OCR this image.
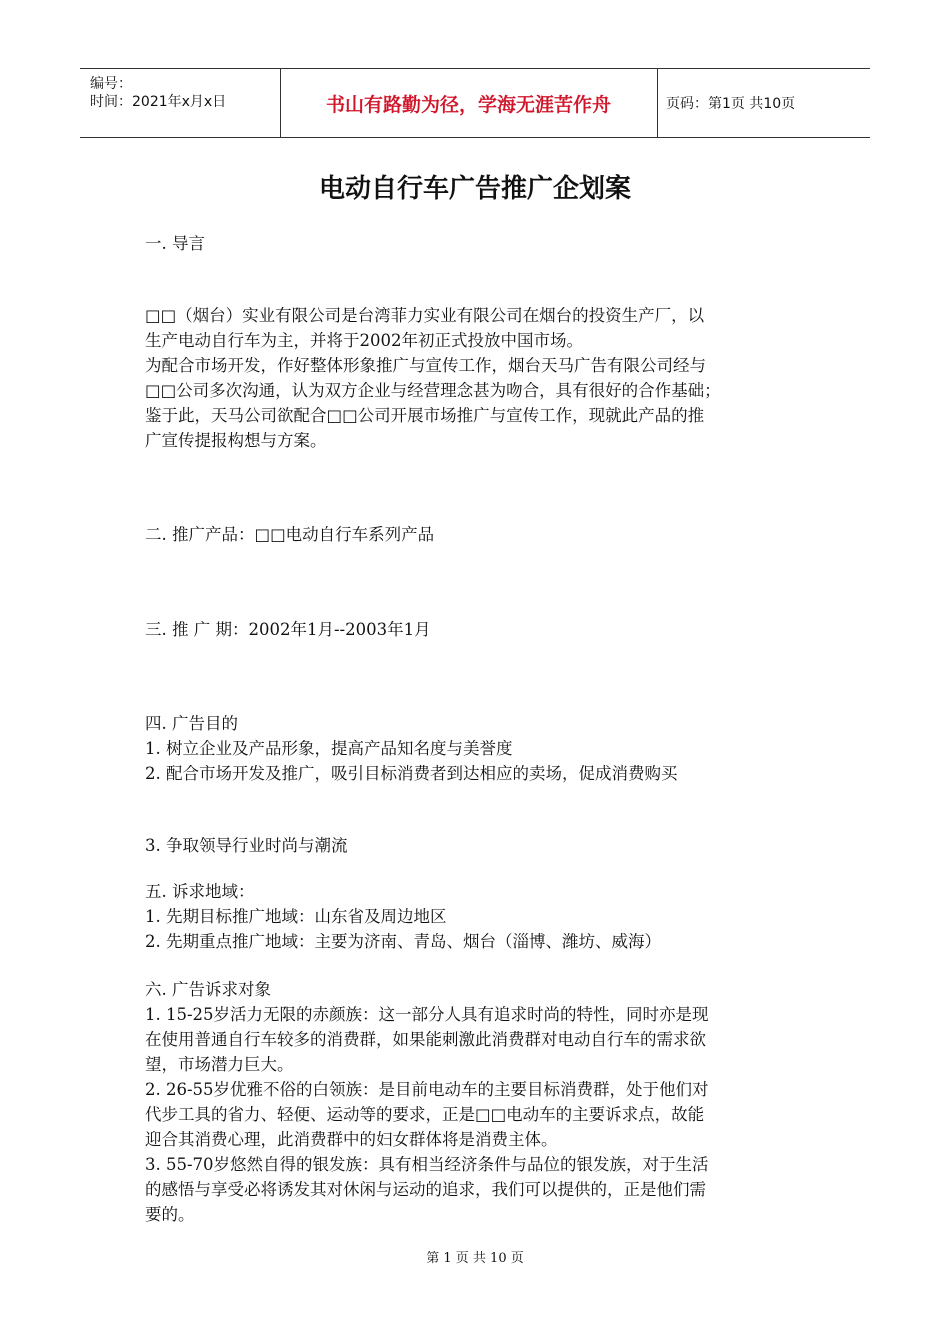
编号：
时间：2021年x月x日	书山有路勤为径，学海无涯苦作舟	页码：第1页 共10页
电动自行车广告推广企划案
一. 导言
□□（烟台）实业有限公司是台湾菲力实业有限公司在烟台的投资生产厂，以
生产电动自行车为主，并将于2002年初正式投放中国市场。
为配合市场开发，作好整体形象推广与宣传工作，烟台天马广告有限公司经与
□□公司多次沟通，认为双方企业与经营理念甚为吻合，具有很好的合作基础；
鉴于此，天马公司欲配合□□公司开展市场推广与宣传工作，现就此产品的推
广宣传提报构想与方案。
二. 推广产品：□□电动自行车系列产品
三. 推 广 期：2002年1月--2003年1月
四. 广告目的
1. 树立企业及产品形象，提高产品知名度与美誉度
2. 配合市场开发及推广，吸引目标消费者到达相应的卖场，促成消费购买
3. 争取领导行业时尚与潮流
五. 诉求地域：
1. 先期目标推广地域：山东省及周边地区
2. 先期重点推广地域：主要为济南、青岛、烟台（淄博、潍坊、威海）
六. 广告诉求对象
1. 15-25岁活力无限的赤颜族：这一部分人具有追求时尚的特性，同时亦是现
在使用普通自行车较多的消费群，如果能刺激此消费群对电动自行车的需求欲
望，市场潜力巨大。
2. 26-55岁优雅不俗的白领族：是目前电动车的主要目标消费群，处于他们对
代步工具的省力、轻便、运动等的要求，正是□□电动车的主要诉求点，故能
迎合其消费心理，此消费群中的妇女群体将是消费主体。
3. 55-70岁悠然自得的银发族：具有相当经济条件与品位的银发族，对于生活
的感悟与享受必将诱发其对休闲与运动的追求，我们可以提供的，正是他们需
要的。
第 1 页 共 10 页
